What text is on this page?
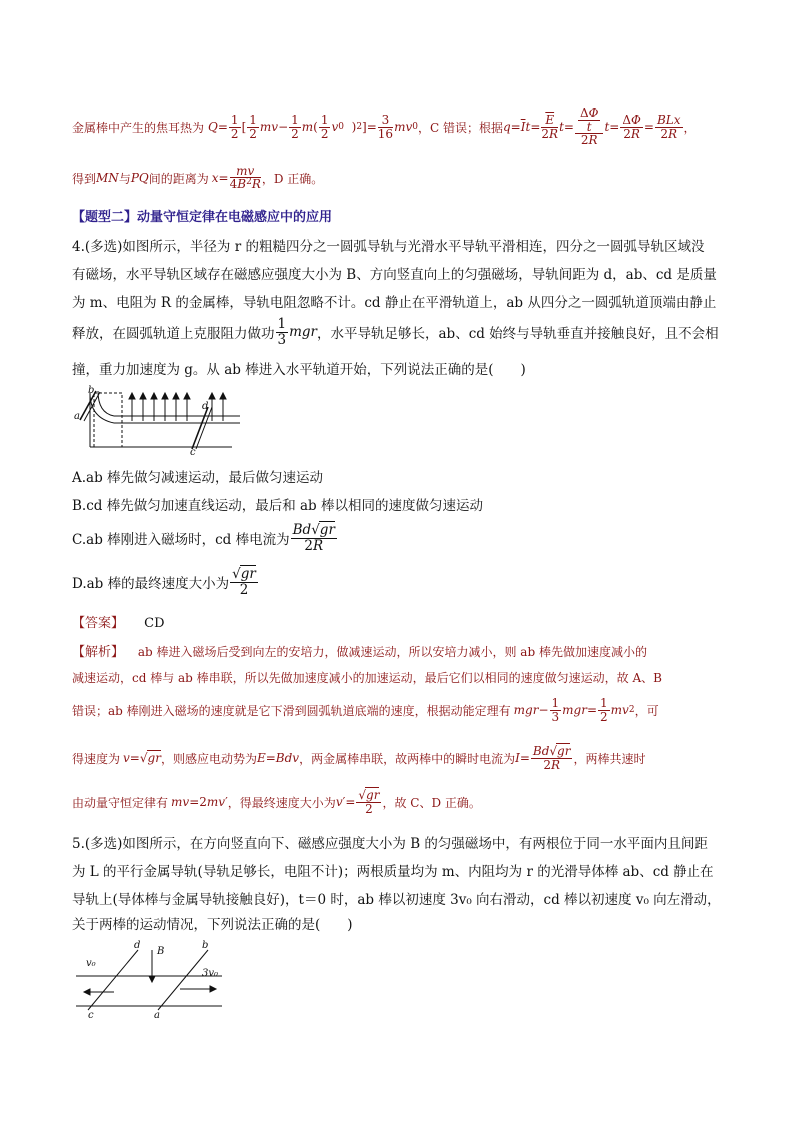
金属棒中产生的焦耳热为 $Q = \frac{1}{2}$ [ $\frac{1}{2}$ mv − $\frac{1}{2}$ m ( $\frac{1}{2}$ v 0 ) 2 ]= $\frac{3}{16}$ mv 0 ，C 错误；根据 $q = \overline{I}$ $t = \frac{\overline{E}}{2R}$ $t = \frac{\frac{\Delta\Phi}{t}}{2R}$ $t = \frac{\Delta\Phi}{2R} = \frac{\text{BLx}}{2R}$ ，
得到 MN 与 PQ 间的距离为 $x = \frac{mv}{4B^2R}$ ，D 正确。
【题型二】动量守恒定律在电磁感应中的应用
4.(多选)如图所示，半径为 r 的粗糙四分之一圆弧导轨与光滑水平导轨平滑相连，四分之一圆弧导轨区域没
有磁场，水平导轨区域存在磁感应强度大小为 B、方向竖直向上的匀强磁场，导轨间距为 d，ab、cd 是质量
为 m、电阻为 R 的金属棒，导轨电阻忽略不计。cd 静止在平滑轨道上，ab 从四分之一圆弧轨道顶端由静止
释放，在圆弧轨道上克服阻力做功 $\frac{1}{3}$ mgr ，水平导轨足够长，ab、cd 始终与导轨垂直并接触良好，且不会相
撞，重力加速度为 g。从 ab 棒进入水平轨道开始，下列说法正确的是(　　)
b
a
d
c
A.ab 棒先做匀减速运动，最后做匀速运动
B.cd 棒先做匀加速直线运动，最后和 ab 棒以相同的速度做匀速运动
C.ab 棒刚进入磁场时，cd 棒电流为 $\frac{Bd√gr}{2R}$
D.ab 棒的最终速度大小为 $\frac{√gr}{2}$
【答案】 CD
【解析】 ab 棒进入磁场后受到向左的安培力，做减速运动，所以安培力减小，则 ab 棒先做加速度减小的
减速运动，cd 棒与 ab 棒串联，所以先做加速度减小的加速运动，最后它们以相同的速度做匀速运动，故 A、B
错误；ab 棒刚进入磁场的速度就是它下滑到圆弧轨道底端的速度，根据动能定理有 mgr − $\frac{1}{3}$ mgr = $\frac{1}{2}$ mv 2 ，可
得速度为 v=√gr ，则感应电动势为 E=Bdv ，两金属棒串联，故两棒中的瞬时电流为 $I = \frac{Bd√gr}{2R}$ ，两棒共速时
由动量守恒定律有 mv=2mv′ ，得最终速度大小为 v ′= $\frac{√gr}{2}$ ，故 C、D 正确。
5.(多选)如图所示，在方向竖直向下、磁感应强度大小为 B 的匀强磁场中，有两根位于同一水平面内且间距
为 L 的平行金属导轨(导轨足够长，电阻不计)；两根质量均为 m、内阻均为 r 的光滑导体棒 ab、cd 静止在
导轨上(导体棒与金属导轨接触良好)，t＝0 时，ab 棒以初速度 3v₀ 向右滑动，cd 棒以初速度 v₀ 向左滑动，
关于两棒的运动情况，下列说法正确的是(　　)
d
B
b
v₀
3v₀
c	a
